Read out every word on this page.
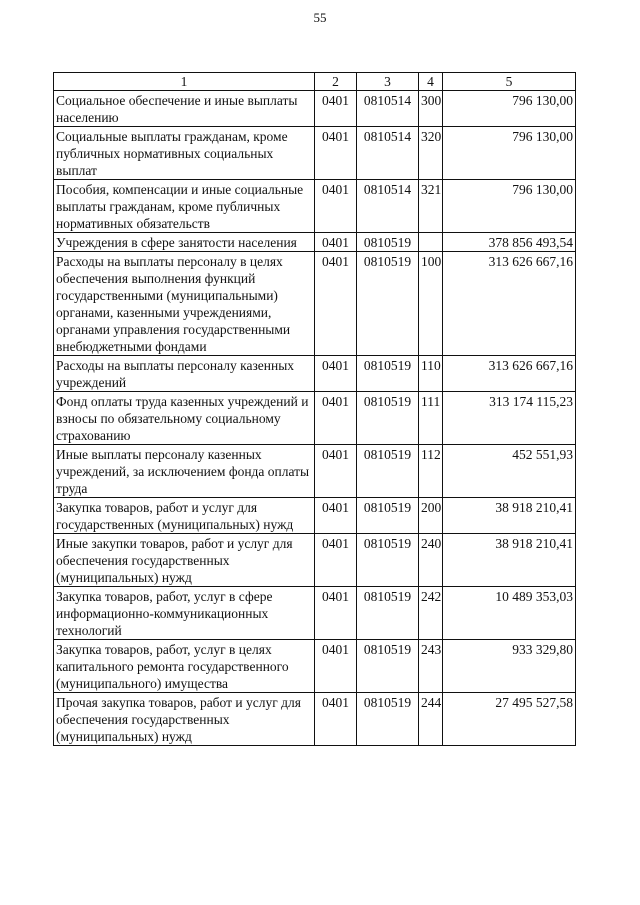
55
1	2	3	4	5
Социальное обеспечение и иные выплаты населению	0401	0810514	300	796 130,00
Социальные выплаты гражданам, кроме публичных нормативных социальных выплат	0401	0810514	320	796 130,00
Пособия, компенсации и иные социальные выплаты гражданам, кроме публичных нормативных обязательств	0401	0810514	321	796 130,00
Учреждения в сфере занятости населения	0401	0810519		378 856 493,54
Расходы на выплаты персоналу в целях обеспечения выполнения функций государственными (муниципальными) органами, казенными учреждениями, органами управления государственными внебюджетными фондами	0401	0810519	100	313 626 667,16
Расходы на выплаты персоналу казенных учреждений	0401	0810519	110	313 626 667,16
Фонд оплаты труда казенных учреждений и взносы по обязательному социальному страхованию	0401	0810519	111	313 174 115,23
Иные выплаты персоналу казенных учреждений, за исключением фонда оплаты труда	0401	0810519	112	452 551,93
Закупка товаров, работ и услуг для государственных (муниципальных) нужд	0401	0810519	200	38 918 210,41
Иные закупки товаров, работ и услуг для обеспечения государственных (муниципальных) нужд	0401	0810519	240	38 918 210,41
Закупка товаров, работ, услуг в сфере информационно-коммуникационных технологий	0401	0810519	242	10 489 353,03
Закупка товаров, работ, услуг в целях капитального ремонта государственного (муниципального) имущества	0401	0810519	243	933 329,80
Прочая закупка товаров, работ и услуг для обеспечения государственных (муниципальных) нужд	0401	0810519	244	27 495 527,58
